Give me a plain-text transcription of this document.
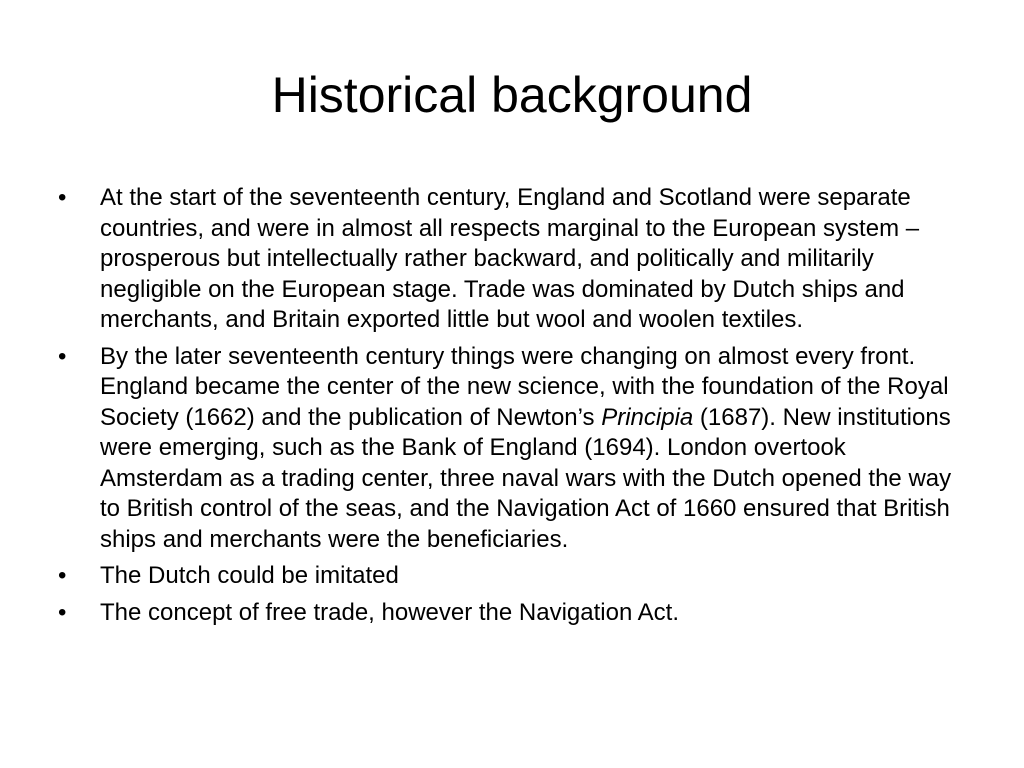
Historical background
•	At the start of the seventeenth century, England and Scotland were separate countries, and were in almost all respects marginal to the European system – prosperous but intellectually rather backward, and politically and militarily negligible on the European stage. Trade was dominated by Dutch ships and merchants, and Britain exported little but wool and woolen textiles.
•	By the later seventeenth century things were changing on almost every front. England became the center of the new science, with the foundation of the Royal Society (1662) and the publication of Newton’s Principia (1687). New institutions were emerging, such as the Bank of England (1694). London overtook Amsterdam as a trading center, three naval wars with the Dutch opened the way to British control of the seas, and the Navigation Act of 1660 ensured that British ships and merchants were the beneficiaries.
•	The Dutch could be imitated
•	The concept of free trade, however the Navigation Act.
